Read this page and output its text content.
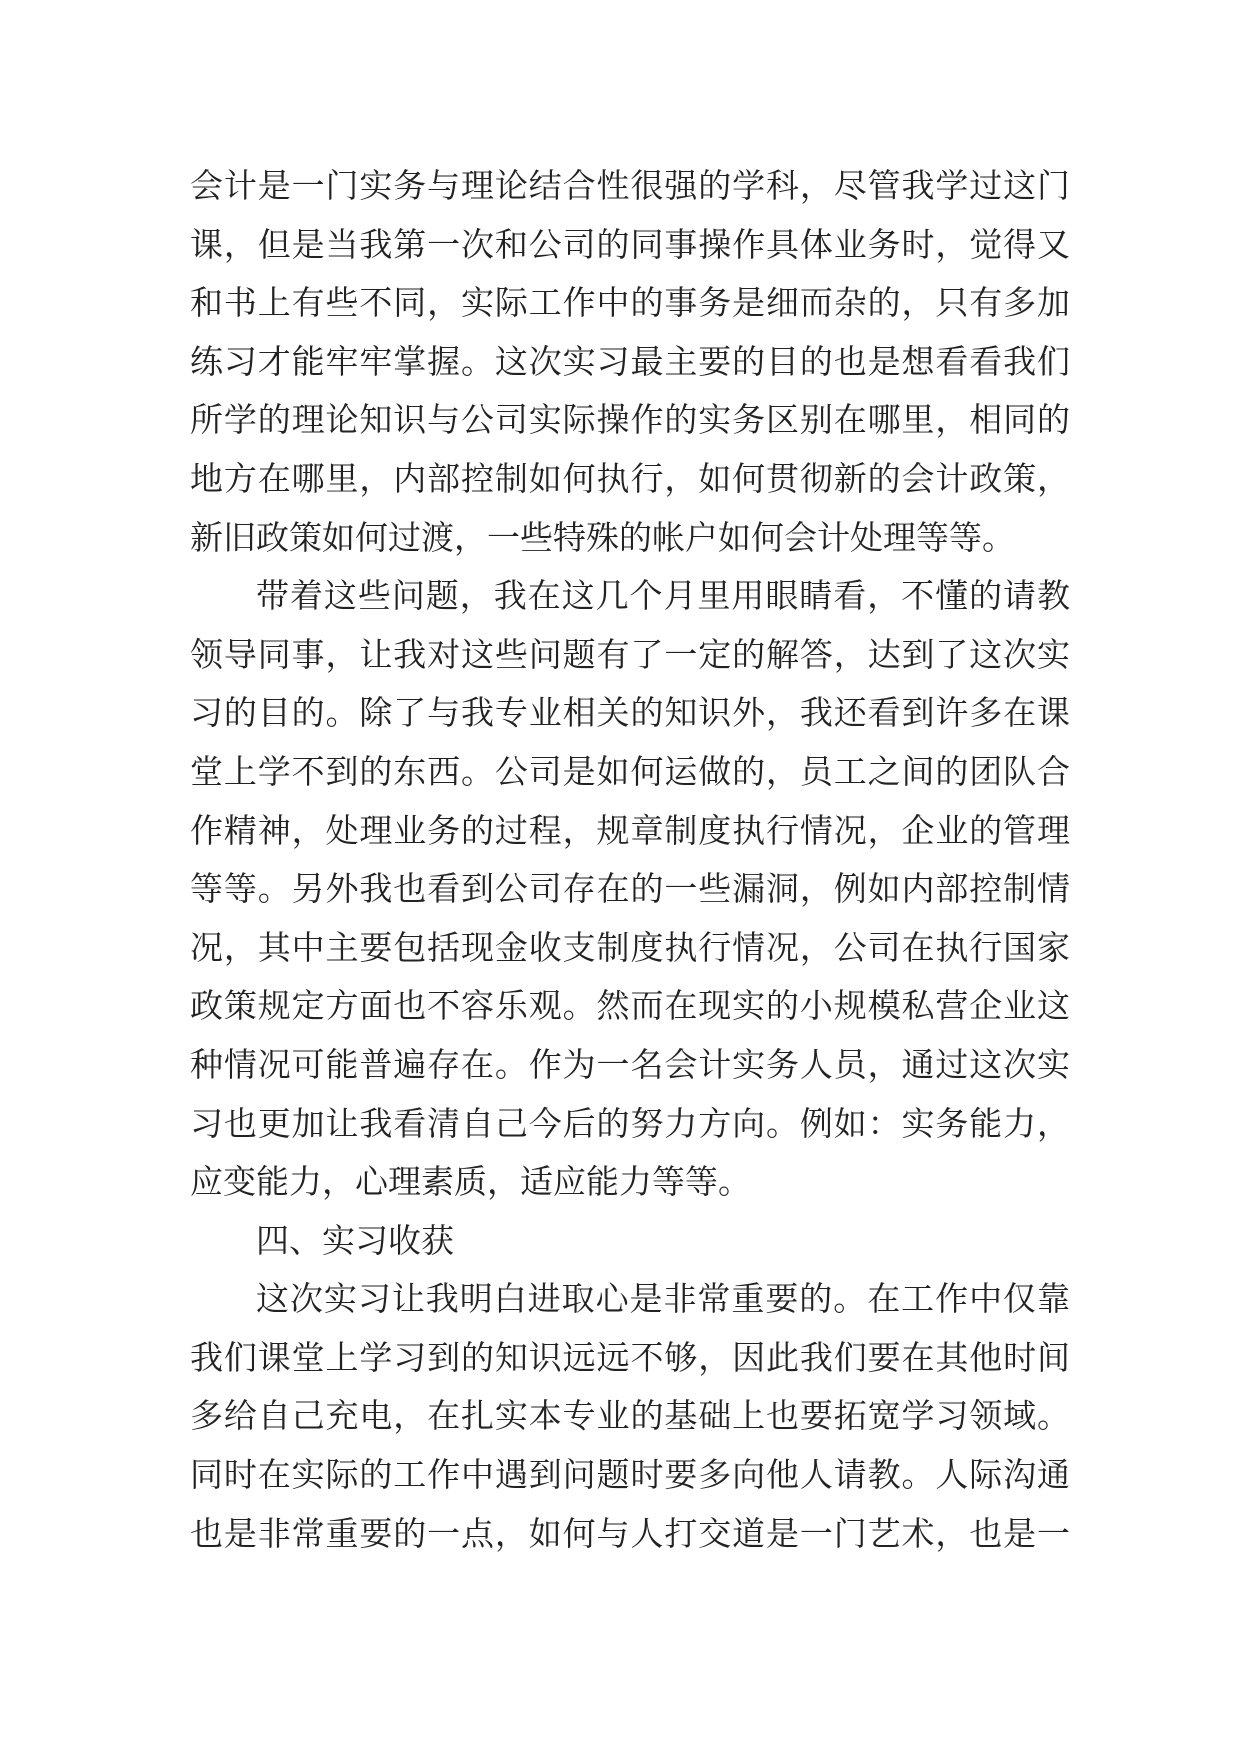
会计是一门实务与理论结合性很强的学科，尽管我学过这门
课，但是当我第一次和公司的同事操作具体业务时，觉得又
和书上有些不同，实际工作中的事务是细而杂的，只有多加
练习才能牢牢掌握。这次实习最主要的目的也是想看看我们
所学的理论知识与公司实际操作的实务区别在哪里，相同的
地方在哪里，内部控制如何执行，如何贯彻新的会计政策，
新旧政策如何过渡，一些特殊的帐户如何会计处理等等。
带着这些问题，我在这几个月里用眼睛看，不懂的请教
领导同事，让我对这些问题有了一定的解答，达到了这次实
习的目的。除了与我专业相关的知识外，我还看到许多在课
堂上学不到的东西。公司是如何运做的，员工之间的团队合
作精神，处理业务的过程，规章制度执行情况，企业的管理
等等。另外我也看到公司存在的一些漏洞，例如内部控制情
况，其中主要包括现金收支制度执行情况，公司在执行国家
政策规定方面也不容乐观。然而在现实的小规模私营企业这
种情况可能普遍存在。作为一名会计实务人员，通过这次实
习也更加让我看清自己今后的努力方向。例如：实务能力，
应变能力，心理素质，适应能力等等。
四、实习收获
这次实习让我明白进取心是非常重要的。在工作中仅靠
我们课堂上学习到的知识远远不够，因此我们要在其他时间
多给自己充电，在扎实本专业的基础上也要拓宽学习领域。
同时在实际的工作中遇到问题时要多向他人请教。人际沟通
也是非常重要的一点，如何与人打交道是一门艺术，也是一
